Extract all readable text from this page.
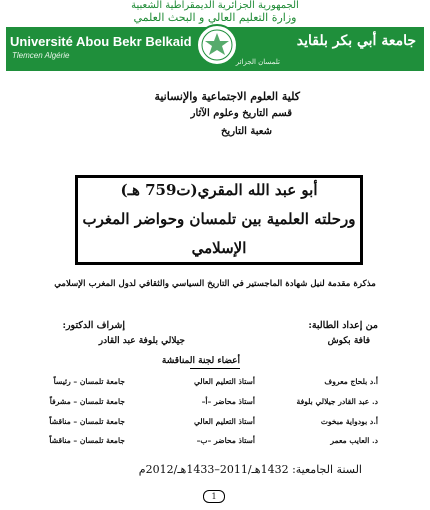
الجمهورية الجزائرية الديمقراطية الشعبية
وزارة التعليم العالي و البحث العلمي
Université Abou Bekr Belkaid
Tlemcen Algérie
جامعة أبي بكر بلقايد
تلمسان الجزائر
كلية العلوم الاجتماعية والإنسانية
قسم التاريخ وعلوم الآثار
شعبة التاريخ
أبو عبد الله المقري(ت759 هـ)
ورحلته العلمية بين تلمسان وحواضر المغرب
الإسلامي
مذكرة مقدمة لنيل شهادة الماجستير في التاريخ السياسي والثقافي لدول المغرب الإسلامي
من إعداد الطالبة:
فافة بكوش
إشراف الدكتور:
جيلالي بلوفة عبد القادر
أعضاء لجنة المناقشة
أ.د بلحاج معروف
أستاذ التعليم العالي
جامعة تلمسان – رئيساً
د. عبد القادر جيلالي بلوفة
أستاذ محاضر –أ–
جامعة تلمسان – مشرفاً
أ.د بودواية مبخوت
أستاذ التعليم العالي
جامعة تلمسان – مناقشاً
د. العايب معمر
أستاذ محاضر –ب–
جامعة تلمسان – مناقشاً
السنة الجامعية: 1432هـ/2011–1433هـ/2012م
1
